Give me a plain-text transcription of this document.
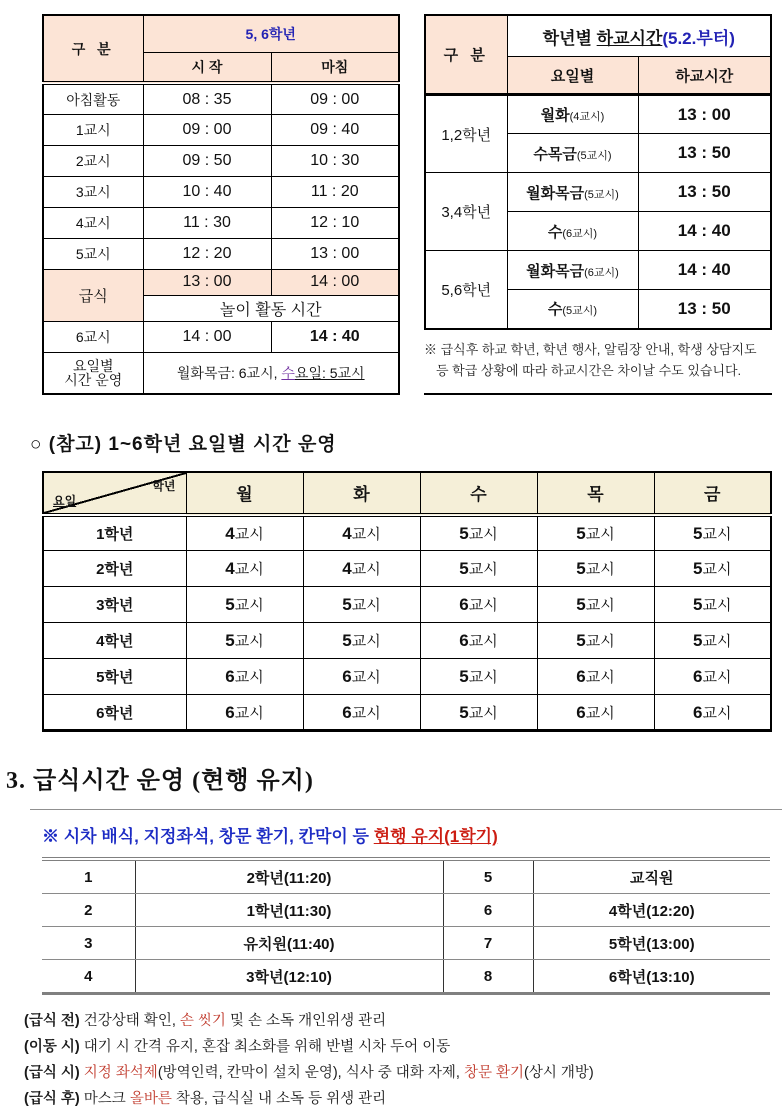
구 분	5, 6학년	
	시 작	마침
아침활동	08 : 35	09 : 00
1교시	09 : 00	09 : 40
2교시	09 : 50	10 : 30
3교시	10 : 40	11 : 20
4교시	11 : 30	12 : 10
5교시	12 : 20	13 : 00
급식	13 : 00	14 : 00
	놀이 활동 시간	
6교시	14 : 00	14 : 40
요일별
시간 운영	월화목금: 6교시, 수요일: 5교시	
구 분	학년별 하교시간(5.2.부터)	
	요일별	하교시간
1,2학년	월화(4교시)	13 : 00
	수목금(5교시)	13 : 50
3,4학년	월화목금(5교시)	13 : 50
	수(6교시)	14 : 40
5,6학년	월화목금(6교시)	14 : 40
	수(5교시)	13 : 50
※ 급식후 하교 학년, 학년 행사, 알림장 안내, 학생 상담지도
등 학급 상황에 따라 하교시간은 차이날 수도 있습니다.
○ (참고) 1~6학년 요일별 시간 운영
학년
요일	월	화	수	목	금
1학년	4교시	4교시	5교시	5교시	5교시
2학년	4교시	4교시	5교시	5교시	5교시
3학년	5교시	5교시	6교시	5교시	5교시
4학년	5교시	5교시	6교시	5교시	5교시
5학년	6교시	6교시	5교시	6교시	6교시
6학년	6교시	6교시	5교시	6교시	6교시
3. 급식시간 운영 (현행 유지)
※ 시차 배식, 지정좌석, 창문 환기, 칸막이 등 현행 유지(1학기)
1	2학년(11:20)	5	교직원
2	1학년(11:30)	6	4학년(12:20)
3	유치원(11:40)	7	5학년(13:00)
4	3학년(12:10)	8	6학년(13:10)
(급식 전) 건강상태 확인, 손 씻기 및 손 소독 개인위생 관리
(이동 시) 대기 시 간격 유지, 혼잡 최소화를 위해 반별 시차 두어 이동
(급식 시) 지정 좌석제(방역인력, 칸막이 설치 운영), 식사 중 대화 자제, 창문 환기(상시 개방)
(급식 후) 마스크 올바른 착용, 급식실 내 소독 등 위생 관리
